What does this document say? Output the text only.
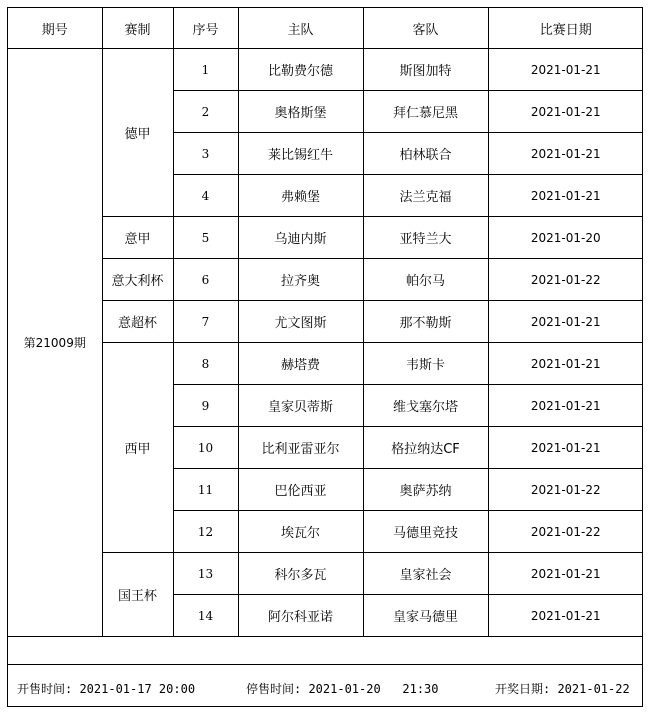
期号	赛制	序号	主队	客队	比赛日期
第21009期	德甲	1	比勒费尔德	斯图加特	2021-01-21
		2	奥格斯堡	拜仁慕尼黑	2021-01-21
		3	莱比锡红牛	柏林联合	2021-01-21
		4	弗赖堡	法兰克福	2021-01-21
	意甲	5	乌迪内斯	亚特兰大	2021-01-20
	意大利杯	6	拉齐奥	帕尔马	2021-01-22
	意超杯	7	尤文图斯	那不勒斯	2021-01-21
	西甲	8	赫塔费	韦斯卡	2021-01-21
		9	皇家贝蒂斯	维戈塞尔塔	2021-01-21
		10	比利亚雷亚尔	格拉纳达CF	2021-01-21
		11	巴伦西亚	奥萨苏纳	2021-01-22
		12	埃瓦尔	马德里竞技	2021-01-22
	国王杯	13	科尔多瓦	皇家社会	2021-01-21
		14	阿尔科亚诺	皇家马德里	2021-01-21
开售时间: 2021-01-17 20:00	停售时间: 2021-01-20   21:30	开奖日期: 2021-01-22
